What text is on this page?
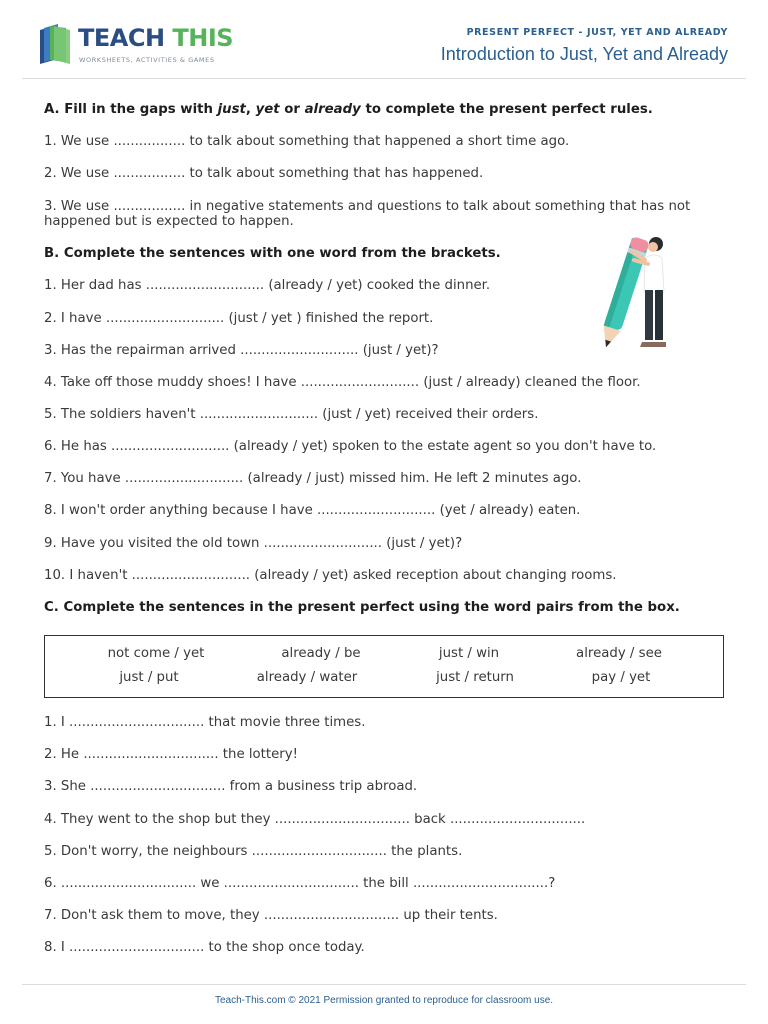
TEACH THIS
WORKSHEETS, ACTIVITIES & GAMES
PRESENT PERFECT - JUST, YET AND ALREADY
Introduction to Just, Yet and Already
A. Fill in the gaps with just, yet or already to complete the present perfect rules.
1. We use ................. to talk about something that happened a short time ago.
2. We use ................. to talk about something that has happened.
3. We use ................. in negative statements and questions to talk about something that has not happened but is expected to happen.
B. Complete the sentences with one word from the brackets.
1. Her dad has ............................ (already / yet) cooked the dinner.
2. I have ............................ (just / yet ) finished the report.
3. Has the repairman arrived ............................ (just / yet)?
4. Take off those muddy shoes! I have ............................ (just / already) cleaned the floor.
5. The soldiers haven't ............................ (just / yet) received their orders.
6. He has ............................ (already / yet) spoken to the estate agent so you don't have to.
7. You have ............................ (already / just) missed him. He left 2 minutes ago.
8. I won't order anything because I have ............................ (yet / already) eaten.
9. Have you visited the old town ............................ (just / yet)?
10. I haven't ............................ (already / yet) asked reception about changing rooms.
C. Complete the sentences in the present perfect using the word pairs from the box.
not come / yet	already / be	just / win	already / see
just / put	already / water	just / return	pay / yet
1. I ................................ that movie three times.
2. He ................................ the lottery!
3. She ................................ from a business trip abroad.
4. They went to the shop but they ................................ back ................................
5. Don't worry, the neighbours ................................ the plants.
6. ................................ we ................................ the bill ................................?
7. Don't ask them to move, they ................................ up their tents.
8. I ................................ to the shop once today.
Teach-This.com © 2021 Permission granted to reproduce for classroom use.
